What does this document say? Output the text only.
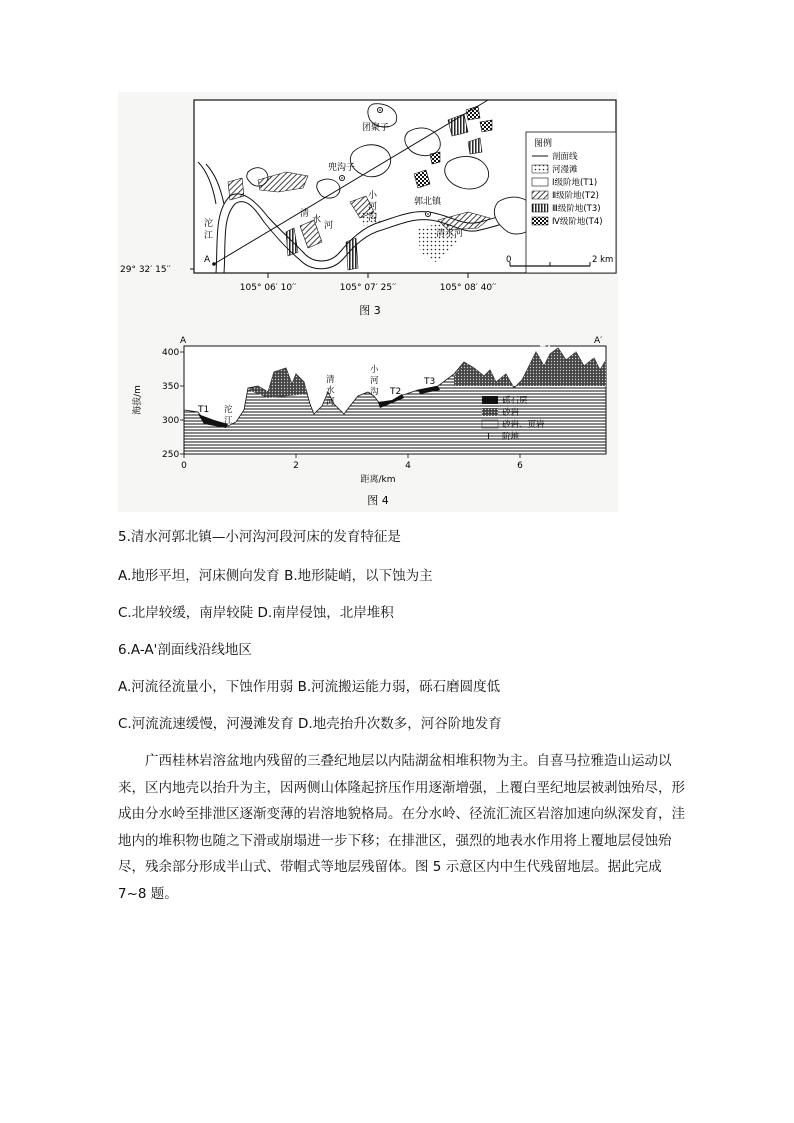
团聚子
兜沟子
郭北镇
清水河
小
河
沟
清
水
河
沱
江
A
图例
剖面线
河漫滩
Ⅰ级阶地(T1)
Ⅱ级阶地(T2)
Ⅲ级阶地(T3)
Ⅳ级阶地(T4)
0	2 km
29° 32′ 15′′
105° 06′ 10′′	105° 07′ 25′′	105° 08′ 40′′
图 3
400
350
300
250
0	2	4	6
海拔/m
距离/km
A	A′
T1
T2
T3
T4
沱
江
清
水
河
小
河
沟
砾石层
砂岩
砂岩、页岩
T 阶地
图 4
5.清水河郭北镇—小河沟河段河床的发育特征是
A.地形平坦，河床侧向发育 B.地形陡峭，以下蚀为主
C.北岸较缓，南岸较陡 D.南岸侵蚀，北岸堆积
6.A-A'剖面线沿线地区
A.河流径流量小，下蚀作用弱 B.河流搬运能力弱，砾石磨圆度低
C.河流流速缓慢，河漫滩发育 D.地壳抬升次数多，河谷阶地发育

广西桂林岩溶盆地内残留的三叠纪地层以内陆湖盆相堆积物为主。自喜马拉雅造山运动以来，区内地壳以抬升为主，因两侧山体隆起挤压作用逐渐增强，上覆白垩纪地层被剥蚀殆尽，形成由分水岭至排泄区逐渐变薄的岩溶地貌格局。在分水岭、径流汇流区岩溶加速向纵深发育，洼地内的堆积物也随之下滑或崩塌进一步下移；在排泄区，强烈的地表水作用将上覆地层侵蚀殆尽，残余部分形成半山式、带帽式等地层残留体。图 5 示意区内中生代残留地层。据此完成 7~8 题。
